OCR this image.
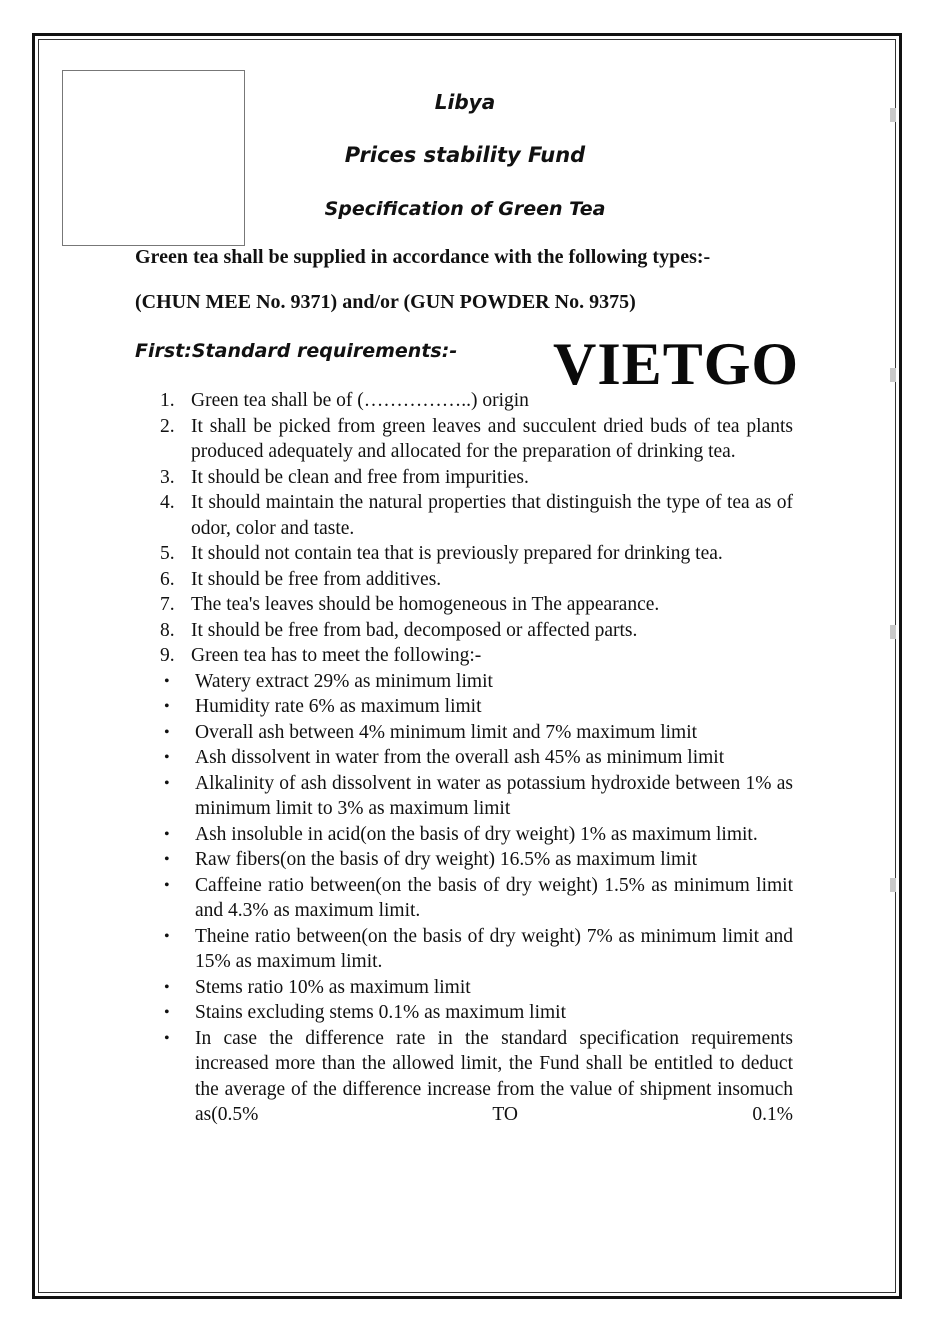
Libya
Prices stability Fund
Specification of Green Tea
Green tea shall be supplied in accordance with the following types:-
(CHUN MEE No. 9371) and/or (GUN POWDER No. 9375)
First:Standard requirements:- VIETGO
1. Green tea shall be of (……………..) origin
2. It shall be picked from green leaves and succulent dried buds of tea plants produced adequately and allocated for the preparation of drinking tea.
3. It should be clean and free from impurities.
4. It should maintain the natural properties that distinguish the type of tea as of odor, color and taste.
5. It should not contain tea that is previously prepared for drinking tea.
6. It should be free from additives.
7. The tea's leaves should be homogeneous in The appearance.
8. It should be free from bad, decomposed or affected parts.
9. Green tea has to meet the following:-
•	Watery extract 29% as minimum limit
•	Humidity rate 6% as maximum limit
•	Overall ash between 4% minimum limit and 7% maximum limit
•	Ash dissolvent in water from the overall ash 45% as minimum limit
•	Alkalinity of ash dissolvent in water as potassium hydroxide between 1% as minimum limit to 3% as maximum limit
•	Ash insoluble in acid(on the basis of dry weight) 1% as maximum limit.
•	Raw fibers(on the basis of dry weight) 16.5% as maximum limit
•	Caffeine ratio between(on the basis of dry weight) 1.5% as minimum limit and 4.3% as maximum limit.
•	Theine ratio between(on the basis of dry weight) 7% as minimum limit and 15% as maximum limit.
•	Stems ratio 10% as maximum limit
•	Stains excluding stems 0.1% as maximum limit
•	In case the difference rate in the standard specification requirements increased more than the allowed limit, the Fund shall be entitled to deduct the average of the difference increase from the value of shipment insomuch as(0.5% TO 0.1%
